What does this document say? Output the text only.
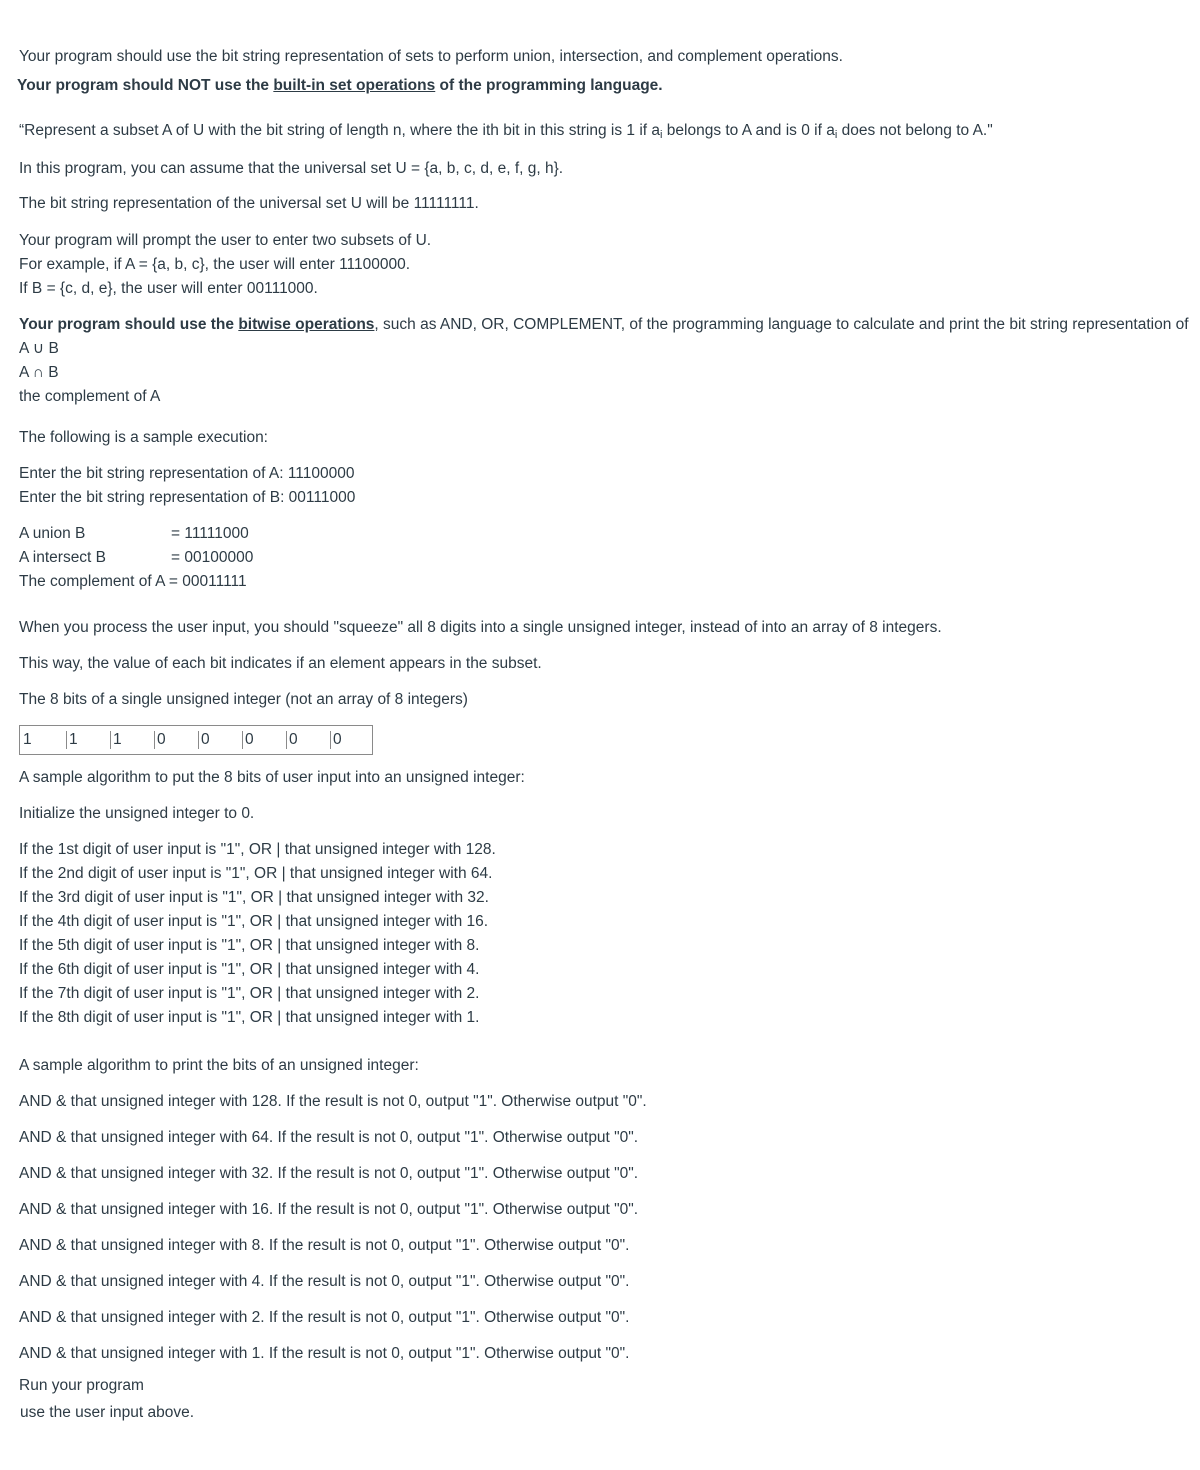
Your program should use the bit string representation of sets to perform union, intersection, and complement operations.
Your program should NOT use the built-in set operations of the programming language.
“Represent a subset A of U with the bit string of length n, where the ith bit in this string is 1 if $a_i$ belongs to A and is 0 if $a_i$ does not belong to A."
In this program, you can assume that the universal set U = {a, b, c, d, e, f, g, h}.
The bit string representation of the universal set U will be 11111111.
Your program will prompt the user to enter two subsets of U.
For example, if A = {a, b, c}, the user will enter 11100000.
If B = {c, d, e}, the user will enter 00111000.
Your program should use the bitwise operations, such as AND, OR, COMPLEMENT, of the programming language to calculate and print the bit string representation of
A ∪ B
A ∩ B
the complement of A
The following is a sample execution:
Enter the bit string representation of A: 11100000
Enter the bit string representation of B: 00111000
A union B	= 11111000
A intersect B	= 00100000
The complement of A = 00011111
When you process the user input, you should "squeeze" all 8 digits into a single unsigned integer, instead of into an array of 8 integers.
This way, the value of each bit indicates if an element appears in the subset.
The 8 bits of a single unsigned integer (not an array of 8 integers)
1 1 1 0 0 0 0 0
A sample algorithm to put the 8 bits of user input into an unsigned integer:
Initialize the unsigned integer to 0.
If the 1st digit of user input is "1", OR | that unsigned integer with 128.
If the 2nd digit of user input is "1", OR | that unsigned integer with 64.
If the 3rd digit of user input is "1", OR | that unsigned integer with 32.
If the 4th digit of user input is "1", OR | that unsigned integer with 16.
If the 5th digit of user input is "1", OR | that unsigned integer with 8.
If the 6th digit of user input is "1", OR | that unsigned integer with 4.
If the 7th digit of user input is "1", OR | that unsigned integer with 2.
If the 8th digit of user input is "1", OR | that unsigned integer with 1.
A sample algorithm to print the bits of an unsigned integer:
AND & that unsigned integer with 128. If the result is not 0, output "1". Otherwise output "0".
AND & that unsigned integer with 64. If the result is not 0, output "1". Otherwise output "0".
AND & that unsigned integer with 32. If the result is not 0, output "1". Otherwise output "0".
AND & that unsigned integer with 16. If the result is not 0, output "1". Otherwise output "0".
AND & that unsigned integer with 8. If the result is not 0, output "1". Otherwise output "0".
AND & that unsigned integer with 4. If the result is not 0, output "1". Otherwise output "0".
AND & that unsigned integer with 2. If the result is not 0, output "1". Otherwise output "0".
AND & that unsigned integer with 1. If the result is not 0, output "1". Otherwise output "0".
Run your program
use the user input above.
